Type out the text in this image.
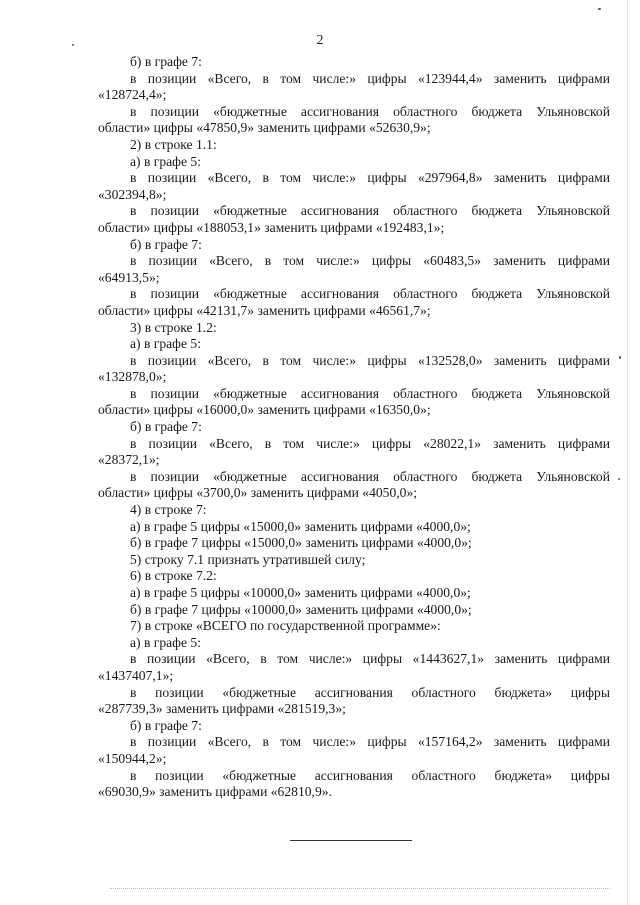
2

б) в графе 7:

в позиции «Всего, в том числе:» цифры «123944,4» заменить цифрами

«128724,4»;

в позиции «бюджетные ассигнования областного бюджета Ульяновской

области» цифры «47850,9» заменить цифрами «52630,9»;

2) в строке 1.1:

а) в графе 5:

в позиции «Всего, в том числе:» цифры «297964,8» заменить цифрами

«302394,8»;

в позиции «бюджетные ассигнования областного бюджета Ульяновской

области» цифры «188053,1» заменить цифрами «192483,1»;

б) в графе 7:

в позиции «Всего, в том числе:» цифры «60483,5» заменить цифрами

«64913,5»;

в позиции «бюджетные ассигнования областного бюджета Ульяновской

области» цифры «42131,7» заменить цифрами «46561,7»;

3) в строке 1.2:

а) в графе 5:

в позиции «Всего, в том числе:» цифры «132528,0» заменить цифрами

«132878,0»;

в позиции «бюджетные ассигнования областного бюджета Ульяновской

области» цифры «16000,0» заменить цифрами «16350,0»;

б) в графе 7:

в позиции «Всего, в том числе:» цифры «28022,1» заменить цифрами

«28372,1»;

в позиции «бюджетные ассигнования областного бюджета Ульяновской

области» цифры «3700,0» заменить цифрами «4050,0»;

4) в строке 7:

а) в графе 5 цифры «15000,0» заменить цифрами «4000,0»;

б) в графе 7 цифры «15000,0» заменить цифрами «4000,0»;

5) строку 7.1 признать утратившей силу;

6) в строке 7.2:

а) в графе 5 цифры «10000,0» заменить цифрами «4000,0»;

б) в графе 7 цифры «10000,0» заменить цифрами «4000,0»;

7) в строке «ВСЕГО по государственной программе»:

а) в графе 5:

в позиции «Всего, в том числе:» цифры «1443627,1» заменить цифрами

«1437407,1»;

в позиции «бюджетные ассигнования областного бюджета» цифры

«287739,3» заменить цифрами «281519,3»;

б) в графе 7:

в позиции «Всего, в том числе:» цифры «157164,2» заменить цифрами

«150944,2»;

в позиции «бюджетные ассигнования областного бюджета» цифры

«69030,9» заменить цифрами «62810,9».
